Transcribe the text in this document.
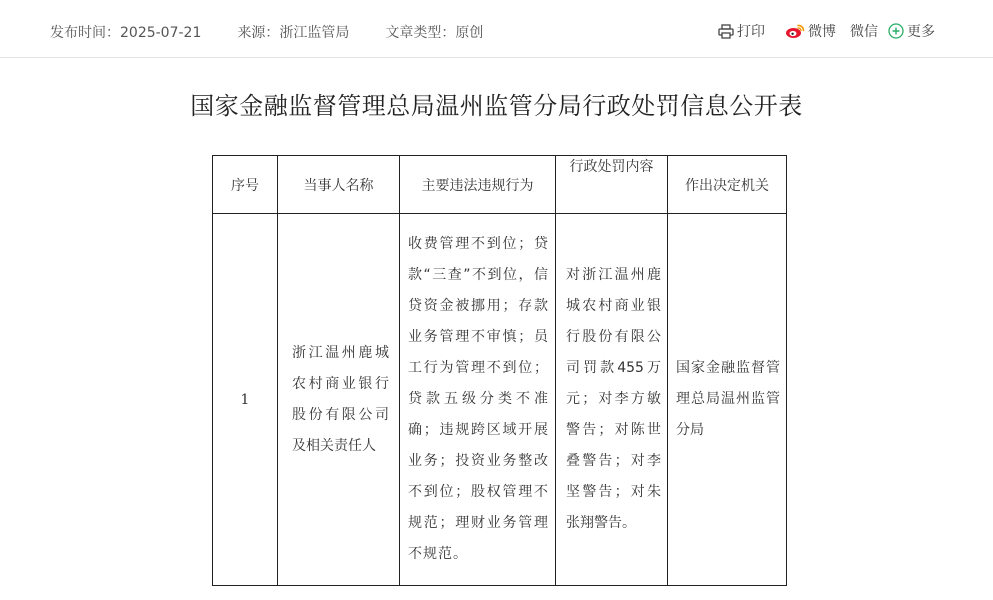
发布时间：2025-07-21	来源：浙江监管局	文章类型：原创	打印	微博 微信 更多
国家金融监督管理总局温州监管分局行政处罚信息公开表
序号	当事人名称	主要违法违规行为	行政处罚内容	作出决定机关
1	浙江温州鹿城农村商业银行股份有限公司及相关责任人	收费管理不到位；贷款“三查”不到位，信贷资金被挪用；存款业务管理不审慎；员工行为管理不到位；贷款五级分类不准确；违规跨区域开展业务；投资业务整改不到位；股权管理不规范；理财业务管理不规范。	对浙江温州鹿城农村商业银行股份有限公司罚款455万元；对李方敏警告；对陈世叠警告；对李坚警告；对朱张翔警告。	国家金融监督管理总局温州监管分局
